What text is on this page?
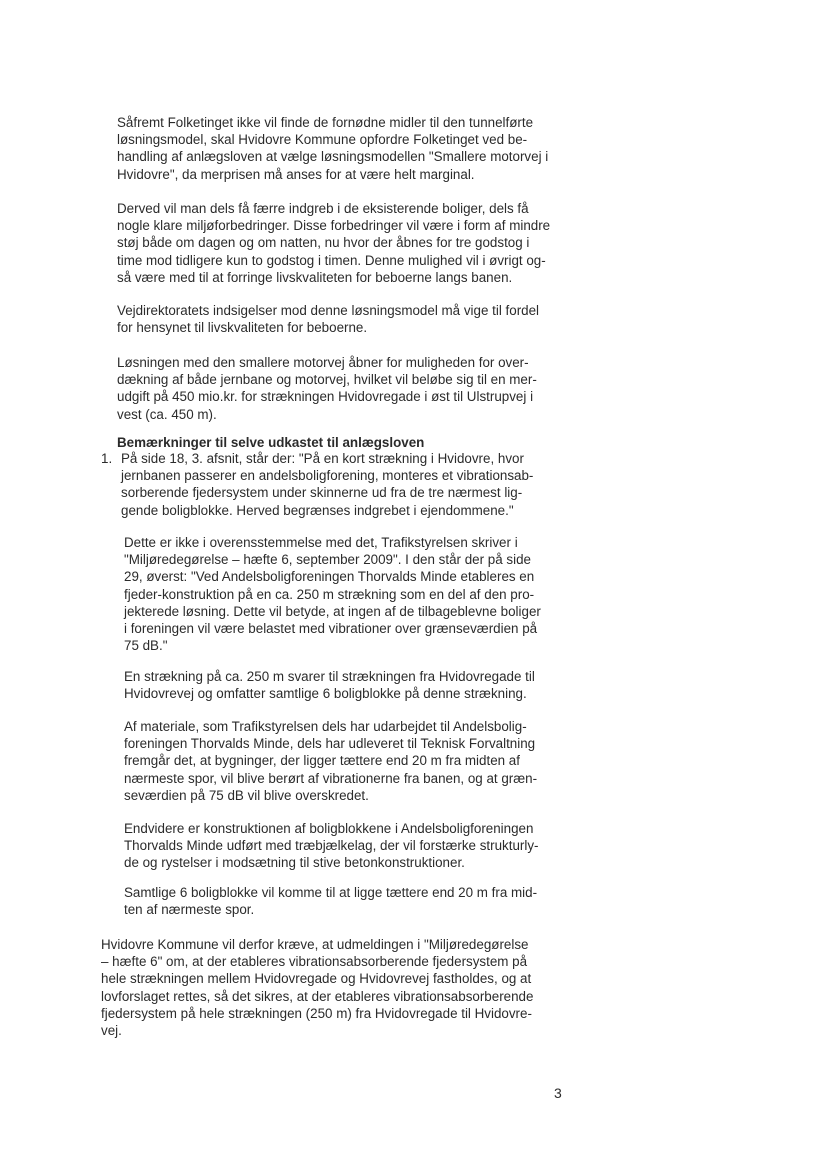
Såfremt Folketinget ikke vil finde de fornødne midler til den tunnelførte
løsningsmodel, skal Hvidovre Kommune opfordre Folketinget ved be-
handling af anlægsloven at vælge løsningsmodellen "Smallere motorvej i
Hvidovre", da merprisen må anses for at være helt marginal.
Derved vil man dels få færre indgreb i de eksisterende boliger, dels få
nogle klare miljøforbedringer. Disse forbedringer vil være i form af mindre
støj både om dagen og om natten, nu hvor der åbnes for tre godstog i
time mod tidligere kun to godstog i timen. Denne mulighed vil i øvrigt og-
så være med til at forringe livskvaliteten for beboerne langs banen.
Vejdirektoratets indsigelser mod denne løsningsmodel må vige til fordel
for hensynet til livskvaliteten for beboerne.
Løsningen med den smallere motorvej åbner for muligheden for over-
dækning af både jernbane og motorvej, hvilket vil beløbe sig til en mer-
udgift på 450 mio.kr. for strækningen Hvidovregade i øst til Ulstrupvej i
vest (ca. 450 m).
Bemærkninger til selve udkastet til anlægsloven
1. På side 18, 3. afsnit, står der: "På en kort strækning i Hvidovre, hvor
jernbanen passerer en andelsboligforening, monteres et vibrationsab-
sorberende fjedersystem under skinnerne ud fra de tre nærmest lig-
gende boligblokke. Herved begrænses indgrebet i ejendommene."
Dette er ikke i overensstemmelse med det, Trafikstyrelsen skriver i
"Miljøredegørelse – hæfte 6, september 2009". I den står der på side
29, øverst: "Ved Andelsboligforeningen Thorvalds Minde etableres en
fjeder-konstruktion på en ca. 250 m strækning som en del af den pro-
jekterede løsning. Dette vil betyde, at ingen af de tilbageblevne boliger
i foreningen vil være belastet med vibrationer over grænseværdien på
75 dB."
En strækning på ca. 250 m svarer til strækningen fra Hvidovregade til
Hvidovrevej og omfatter samtlige 6 boligblokke på denne strækning.
Af materiale, som Trafikstyrelsen dels har udarbejdet til Andelsbolig-
foreningen Thorvalds Minde, dels har udleveret til Teknisk Forvaltning
fremgår det, at bygninger, der ligger tættere end 20 m fra midten af
nærmeste spor, vil blive berørt af vibrationerne fra banen, og at græn-
seværdien på 75 dB vil blive overskredet.
Endvidere er konstruktionen af boligblokkene i Andelsboligforeningen
Thorvalds Minde udført med træbjælkelag, der vil forstærke strukturly-
de og rystelser i modsætning til stive betonkonstruktioner.
Samtlige 6 boligblokke vil komme til at ligge tættere end 20 m fra mid-
ten af nærmeste spor.
Hvidovre Kommune vil derfor kræve, at udmeldingen i "Miljøredegørelse
– hæfte 6" om, at der etableres vibrationsabsorberende fjedersystem på
hele strækningen mellem Hvidovregade og Hvidovrevej fastholdes, og at
lovforslaget rettes, så det sikres, at der etableres vibrationsabsorberende
fjedersystem på hele strækningen (250 m) fra Hvidovregade til Hvidovre-
vej.
3
